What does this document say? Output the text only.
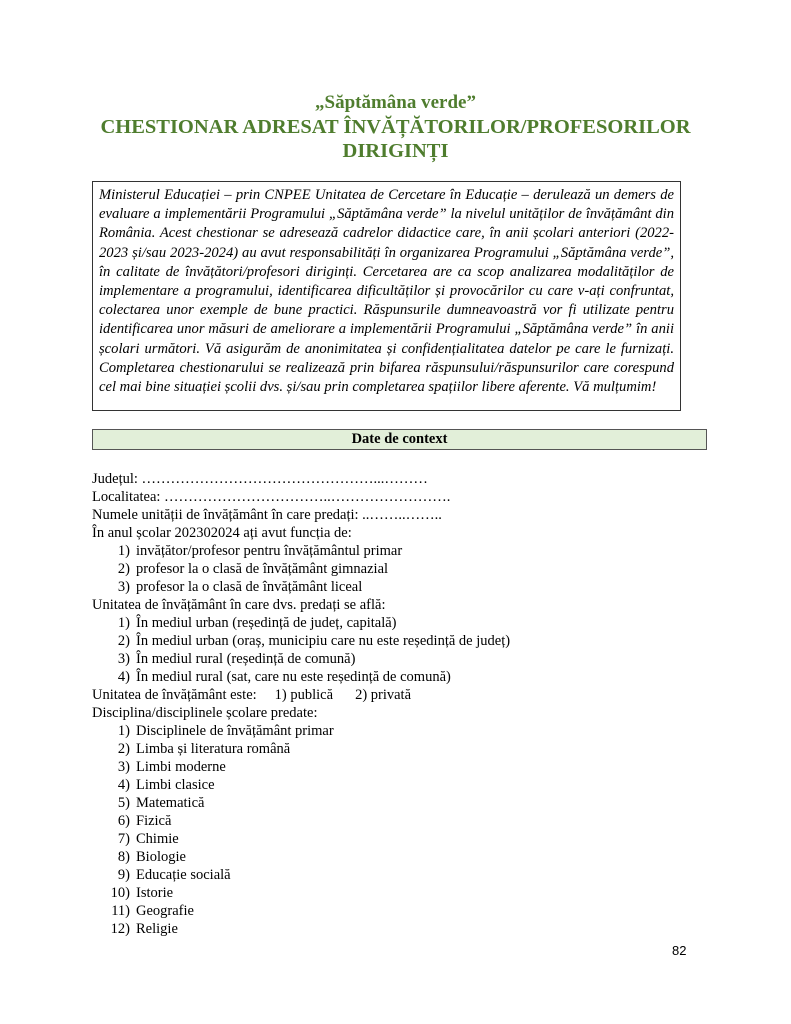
„Săptămâna verde”
CHESTIONAR ADRESAT ÎNVĂȚĂTORILOR/PROFESORILOR
DIRIGINȚI
Ministerul Educației – prin CNPEE Unitatea de Cercetare în Educație – derulează un demers de evaluare a implementării Programului „Săptămâna verde” la nivelul unităților de învățământ din România. Acest chestionar se adresează cadrelor didactice care, în anii școlari anteriori (2022-2023 și/sau 2023-2024) au avut responsabilități în organizarea Programului „Săptămâna verde”, în calitate de învățători/profesori diriginți. Cercetarea are ca scop analizarea modalităților de implementare a programului, identificarea dificultăților și provocărilor cu care v-ați confruntat, colectarea unor exemple de bune practici. Răspunsurile dumneavoastră vor fi utilizate pentru identificarea unor măsuri de ameliorare a implementării Programului „Săptămâna verde” în anii școlari următori. Vă asigurăm de anonimitatea și confidențialitatea datelor pe care le furnizați. Completarea chestionarului se realizează prin bifarea răspunsului/răspunsurilor care corespund cel mai bine situației școlii dvs. și/sau prin completarea spațiilor libere aferente. Vă mulțumim!
Date de context
Județul: …………………………………………...………
Localitatea: ……………………………..…………………….
Numele unității de învățământ în care predați: ..……..……..
În anul școlar 202302024 ați avut funcția de:
1) invățător/profesor pentru învățământul primar
2) profesor la o clasă de învățământ gimnazial
3) profesor la o clasă de învățământ liceal
Unitatea de învățământ în care dvs. predați se află:
1) În mediul urban (reședință de județ, capitală)
2) În mediul urban (oraș, municipiu care nu este reședință de județ)
3) În mediul rural (reședință de comună)
4) În mediul rural (sat, care nu este reședință de comună)
Unitatea de învățământ este: 1) publică 2) privată
Disciplina/disciplinele școlare predate:
1) Disciplinele de învățământ primar
2) Limba și literatura română
3) Limbi moderne
4) Limbi clasice
5) Matematică
6) Fizică
7) Chimie
8) Biologie
9) Educație socială
10) Istorie
11) Geografie
12) Religie
82
